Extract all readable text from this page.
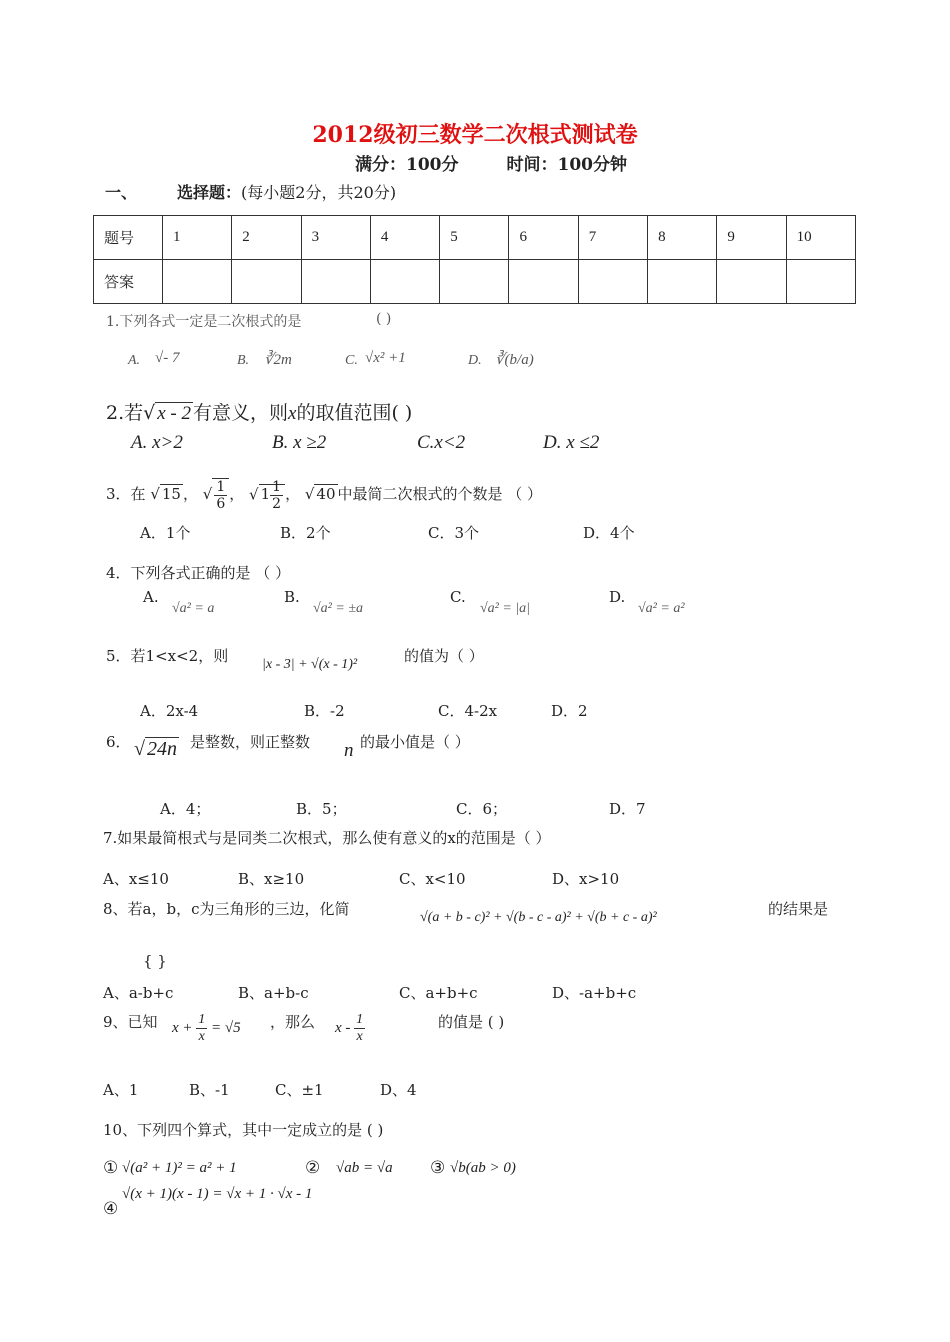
2012级初三数学二次根式测试卷
满分：100分	时间：100分钟
一、	选择题：(每小题2分，共20分)
题号	1	2	3	4	5	6	7	8	9	10
答案										
1.下列各式一定是二次根式的是	( )
A. √- 7	B. ∛2m	C. √x² +1	D. ∛(b/a)
2.若√ x - 2 有意义，则x的取值范围( )
A. x>2	B. x ≥2	C.x<2	D. x ≤2
3．在 √ 15 ， √ $\frac{1}{6}$ ， √ $1 \frac{1}{2}$ ， √ 40 中最简二次根式的个数是 （ ）
A．1个	B．2个	C．3个	D．4个
4．下列各式正确的是 （ ）
A.
√a² = a
B.
√a² = ±a
C.
√a² = |a|
D.
√a² = a²
5．若1<x<2，则 |x - 3| + √(x - 1)²	的值为（ ）
A．2x-4	B．-2	C．4-2x	D．2
6． √ 24n 是整数，则正整数 n 的最小值是（ ）
A．4；	B．5；	C．6；	D．7
7.如果最简根式与是同类二次根式，那么使有意义的x的范围是（ ）
A、x≤10	B、x≥10	C、x<10	D、x>10
8、若a，b，c为三角形的三边，化简	√(a + b - c)² + √(b - c - a)² + √(b + c - a)²	的结果是
{ }
A、a-b+c	B、a+b-c	C、a+b+c	D、-a+b+c
9、已知 $x + \frac{1}{x} = √5$ ，那么 x - $\frac{1}{x}$	的值是 ( )
A、1	B、-1	C、±1	D、4
10、下列四个算式，其中一定成立的是 ( )
① √(a² + 1)² = a² + 1	② √ab = √a ③ √b(ab > 0)
√(x + 1)(x - 1) = √x + 1 · √x - 1
④
